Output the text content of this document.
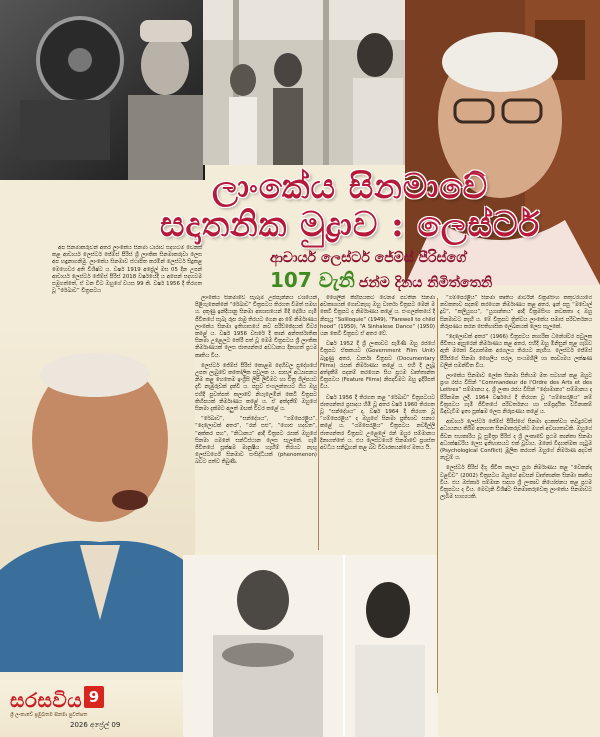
ලාංකේය සිනමාවේ
සදාතනික මුද්‍රාව : ලෙස්ටර්
ආචාර්ය ලෙස්ටර් ජේම්ස් පීරිස්ගේ
107 වැනි ජන්ම දිනය නිමිත්තෙනි

අප සිනමාකරුවන් අතර ලාංකේය සිනමා ධාරාව සදහටම වෙනස් කළ ආචාර්ය ලෙස්ටර් ජේම්ස් පීරිස් ශ්‍රී ලාංකික සිනමාකරුවා ලෙස අප හඳුනාගනිමු. ලාංකේය සිනමාව ස්ථාපිත කරමින් ලෙස්ටර් සිදුකළ මෙහෙවර අති විශිෂ්ට ය. වර්ෂ 1919 අප්‍රේල් මස 05 දින උපන් ආචාර්ය ලෙස්ටර් ජේම්ස් පීරිස් 2018 වර්ෂයේදී ය අපෙන් සදහටම සමුගත්තේ, ඒ වන විට ඔහුගේ වයස 99 කි. වර්ෂ 1956 දී තිරගත වූ “රේඛාව” චිත්‍රපටය

ලාංකේය සිනමාවේ සැබෑම උප්පැන්නය වශයෙන් පිළිගැනෙන්නේ “රේඛාව” චිත්‍රපටය තිරගත වීමත් සමඟ ය. දකුණු ඉන්දියානු සිනමා ආභාසයෙන් මිදී දේශීය ගැමි ජීවිතයේ සැබෑ රූප රාමු තිරයට ගෙන ආ මේ නිර්මාණය ලාංකේය සිනමා ඉතිහාසයේ නව පරිච්ඡේදයක් විවර කළේ ය. වර්ෂ 1956 වසරේ දී කාන් අන්තර්ජාතික සිනමා උළෙලට තේරී පත් වූ මෙම චිත්‍රපටය ශ්‍රී ලාංකික නිර්මාණයක් ලෙස ජාත්‍යන්තර අවධානය දිනාගත් ප්‍රථම කෘතිය විය.

ලෙස්ටර් ජේම්ස් පීරිස් කොළඹ දෙහිවල ප්‍රදේශයේ උපත ලැබුවේ කතෝලික පවුලක ය. පාසල් අධ්‍යාපනය නිම කළ හෙතෙම ඉංග්‍රීසි ලිපි ලිවීමට හා චිත්‍ර ශිල්පයට දැඩි නැඹුරුවක් දැක්වී ය. පසුව එංගලන්තයට ගිය ඔහු එහිදී පුවත්පත් කලාවේ නියැලෙමින් කෙටි චිත්‍රපට කිහිපයක් නිර්මාණය කළේ ය. ඒ අත්දැකීම් ඔහුගේ සිනමා දැක්මට අලුත් මඟක් විවර කළේ ය.

“රේඛාව”, “සන්දේශය”, “ගම්පෙරළිය”, “දෙලොවක් අතර”, “රන් සළු”, “ගොළු හදවත”, “අක්කර පහ”, “නිධානය” ආදී චිත්‍රපට රැසක් ඔහුගේ සිනමා ගමනේ සන්ධිස්ථාන ලෙස සැලකේ. ගැමි ජීවිතයේ සූක්ෂම මානුෂීය හැඟීම් තිරයට නැඟූ ලෙස්ටර්ගේ සිනමාව සංසිද්ධියක් (phenomenon) බවට පත්ව තිබුණි.

ශෛලීන් කිහිපයකට වෙනම පවතින සිනමා අවකාශයක් ගොඩනැඟූ ඔහු වාර්තා චිත්‍රපට මෙන් ම කෙටි චිත්‍රපට ද නිර්මාණය කළේ ය. එංගලන්තයේ දී නිපැයූ “Soliloquie” (1949), “Farewell to child hood” (1950), “A Sinhalese Dance” (1950) යන කෙටි චිත්‍රපට ඒ අතර වේ.

වර්ෂ 1952 දී ශ්‍රී ලංකාවට පැමිණි ඔහු රජයේ චිත්‍රපට ඒකකයට (Government Film Unit) බැඳුණු අතර, වාර්තා චිත්‍රපට (Documentary Films) රැසක් නිර්මාණය කළේ ය. එහි දී ලැබූ අත්දැකීම් පදනම් කරගෙන සිය ප්‍රථම වෘත්තාන්ත චිත්‍රපටය (Feature Films) නිපදවීමට ඔහු ඉදිරිපත් විය.

වර්ෂ 1956 දී තිරගත කළ “රේඛාව” චිත්‍රපටයට ජාත්‍යන්තර ප්‍රසාදය හිමි වූ අතර වර්ෂ 1960 තිරගත වූ “සන්දේශය” ද, වර්ෂ 1964 දී තිරගත වූ “ගම්පෙරළිය” ද ඔහුගේ සිනමා ප්‍රතිභාව සනාථ කළේ ය. “ගම්පෙරළිය” චිත්‍රපටය නවදිල්ලි ජාත්‍යන්තර චිත්‍රපට උළෙලේ රන් මයුර සම්මානය දිනාගත්තේ ය. එය ලෙස්ටර්ගේ සිනමාවේ ප්‍රශස්ත අවධිය සනිටුහන් කළ බව විචාරකයන්ගේ මතය යි.

“ගම්පෙරළිය” සිනමා කෘතිය මාර්ටින් වික්‍රමසිංහ කතුවරයාගේ නවකතාව පදනම් කරගෙන නිර්මාණය කළ අතර, ඉන් පසු “මඩොල් දූව”, “කලියුගය”, “යුගාන්තය” ආදී වික්‍රමසිංහ නවකතා ද ඔහු සිනමාවට නැඟී ය. මේ චිත්‍රපට ත්‍රිත්වය ලාංකේය සමාජ පරිවර්තනය නිරූපණය කරන ඓතිහාසික ලේඛනයක් ලෙස සැලකේ.

“දෙලොවක් අතර” (1966) චිත්‍රපටය නාගරික ධනේශ්වර පවුලක ජීවිතය ඇසුරෙන් නිර්මාණය කළ අතර, එහිදී ඔහු මිනිසුන් තුළ ගැබ්ව ඇති මනෝ විද්‍යාත්මක අරගලය තිරයට නැඟීය. ලෙස්ටර් ජේම්ස් පීරිස්ගේ සිනමා ශෛලිය සරල, සංයමශීලී හා කාව්‍යමය ලක්ෂණ වලින් සමන්විත විය.

ලාංකේය සිනමාව ලෝක සිනමා සිතියම මත සටහන් කළ ඔහුට ප්‍රංශ රජය විසින් “Commandeur de l'Ordre des Arts et des Lettres” සම්මානය ද, ශ්‍රී ලංකා රජය විසින් “දේශමාන්‍ය” සම්මානය ද පිරිනමන ලදී. 1964 වර්ෂයේ දී තිරගත වූ “ගම්පෙරළිය” නම් චිත්‍රපටය ගැමි ජීවිතයේ පරිවර්තනය හා සම්ප්‍රදායික වටිනාකම් බිඳවැටීම ඉතා සූක්ෂම ලෙස නිරූපණය කළේ ය.

ආචාර්ය ලෙස්ටර් ජේම්ස් පීරිස්ගේ සිනමා දායකත්වය තවදුරටත් අධ්‍යයනය කිරීම අනාගත සිනමාකරුවන්ට මහත් අවශ්‍යතාවකි. ඔහුගේ ජීවන සහකාරිය වූ සුමිත්‍රා පීරිස් ද ශ්‍රී ලංකාවේ ප්‍රථම කාන්තා සිනමා අධ්‍යක්ෂවරිය ලෙස ඉතිහාසයට එක් වූවාය. මනෝ විද්‍යාත්මක ගැටුම (Psychological Conflict) මූලික කරගත් ඔහුගේ නිර්මාණ අදටත් නැවුම් ය.

ලෙස්ටර් පීරිස් දිගු ජීවිත කාලය පුරා නිර්මාණය කළ “වෙකන්ද වළව්ව” (2002) චිත්‍රපටය ඔහුගේ අවසන් වෘත්තාන්ත සිනමා කෘතිය විය. එය ඔස්කාර් සම්මාන සඳහා ශ්‍රී ලංකාව නියෝජනය කළ ප්‍රථම චිත්‍රපටය ද විය. මෙවැනි විශිෂ්ට සිනමාකරුවෙකු ලාංකේය සිනමාවට ලැබීම භාග්‍යයකි.

සරසවිය 9
ශ්‍රී ලංකාවේ ප්‍රමුඛතම සිනමා පුවත්පත
2026 අප්‍රේල් 09
